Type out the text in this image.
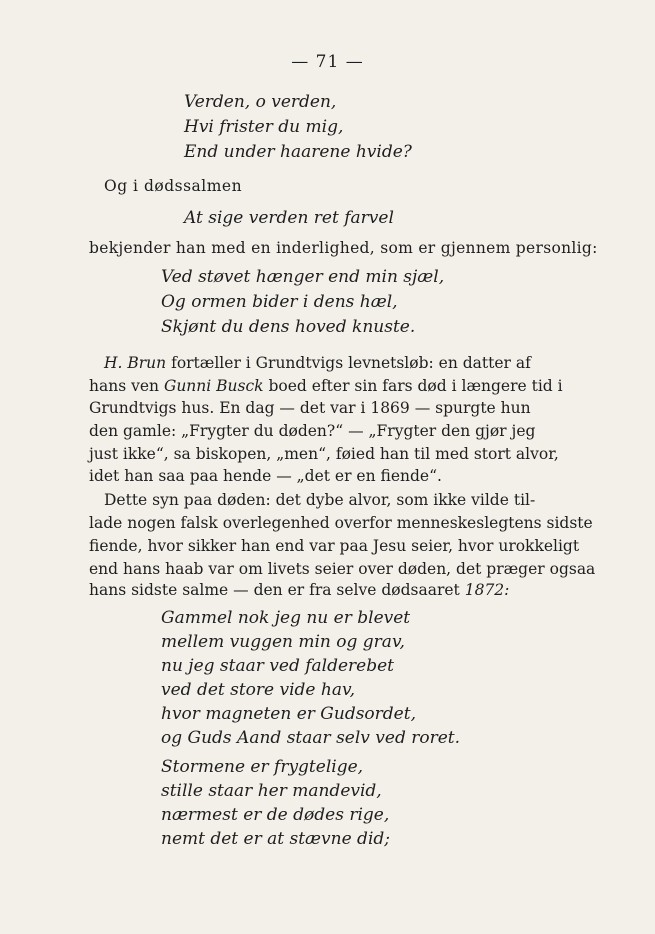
— 71 —
Verden, o verden,
Hvi frister du mig,
End under haarene hvide?
Og i dødssalmen
At sige verden ret farvel
bekjender han med en inderlighed, som er gjennem personlig:
Ved støvet hænger end min sjæl,
Og ormen bider i dens hæl,
Skjønt du dens hoved knuste.
H. Brun fortæller i Grundtvigs levnetsløb: en datter af
hans ven Gunni Busck boed efter sin fars død i længere tid i
Grundtvigs hus. En dag — det var i 1869 — spurgte hun
den gamle: „Frygter du døden?“ — „Frygter den gjør jeg
just ikke“, sa biskopen, „men“, føied han til med stort alvor,
idet han saa paa hende — „det er en fiende“.
Dette syn paa døden: det dybe alvor, som ikke vilde til-
lade nogen falsk overlegenhed overfor menneskeslegtens sidste
fiende, hvor sikker han end var paa Jesu seier, hvor urokkeligt
end hans haab var om livets seier over døden, det præger ogsaa
hans sidste salme — den er fra selve dødsaaret 1872:
Gammel nok jeg nu er blevet
mellem vuggen min og grav,
nu jeg staar ved falderebet
ved det store vide hav,
hvor magneten er Gudsordet,
og Guds Aand staar selv ved roret.
Stormene er frygtelige,
stille staar her mandevid,
nærmest er de dødes rige,
nemt det er at stævne did;
